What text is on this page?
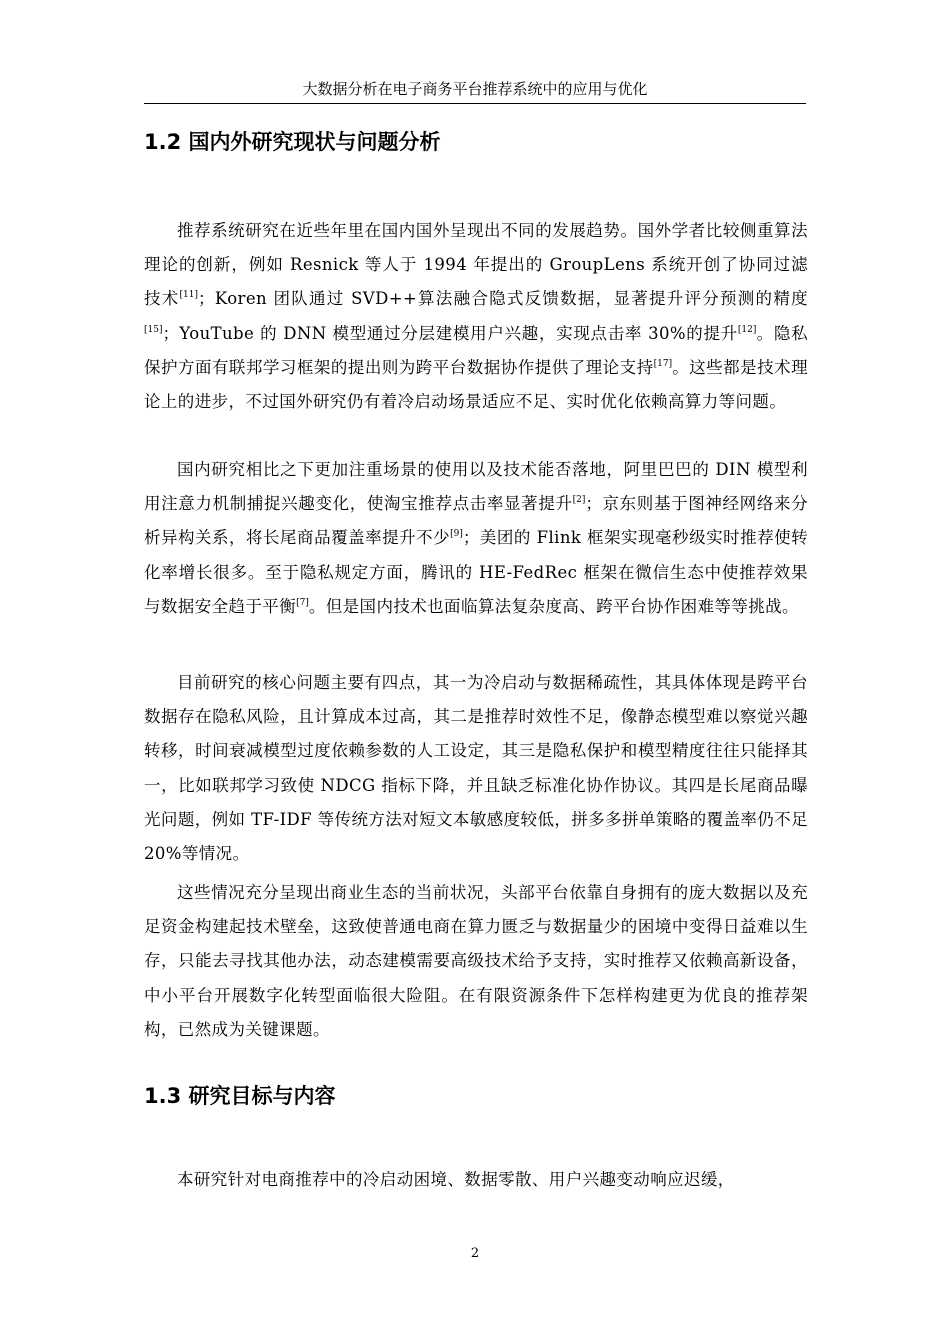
大数据分析在电子商务平台推荐系统中的应用与优化
1.2 国内外研究现状与问题分析

推荐系统研究在近些年里在国内国外呈现出不同的发展趋势。国外学者比较侧重算法理论的创新，例如 Resnick 等人于 1994 年提出的 GroupLens 系统开创了协同过滤技术[11]；Koren 团队通过 SVD++算法融合隐式反馈数据，显著提升评分预测的精度[15]；YouTube 的 DNN 模型通过分层建模用户兴趣，实现点击率 30%的提升[12]。隐私保护方面有联邦学习框架的提出则为跨平台数据协作提供了理论支持[17]。这些都是技术理论上的进步，不过国外研究仍有着冷启动场景适应不足、实时优化依赖高算力等问题。

国内研究相比之下更加注重场景的使用以及技术能否落地，阿里巴巴的 DIN 模型利用注意力机制捕捉兴趣变化，使淘宝推荐点击率显著提升[2]；京东则基于图神经网络来分析异构关系，将长尾商品覆盖率提升不少[9]；美团的 Flink 框架实现毫秒级实时推荐使转化率增长很多。至于隐私规定方面，腾讯的 HE-FedRec 框架在微信生态中使推荐效果与数据安全趋于平衡[7]。但是国内技术也面临算法复杂度高、跨平台协作困难等等挑战。

目前研究的核心问题主要有四点，其一为冷启动与数据稀疏性，其具体体现是跨平台数据存在隐私风险，且计算成本过高，其二是推荐时效性不足，像静态模型难以察觉兴趣转移，时间衰减模型过度依赖参数的人工设定，其三是隐私保护和模型精度往往只能择其一，比如联邦学习致使 NDCG 指标下降，并且缺乏标准化协作协议。其四是长尾商品曝光问题，例如 TF-IDF 等传统方法对短文本敏感度较低，拼多多拼单策略的覆盖率仍不足 20%等情况。

这些情况充分呈现出商业生态的当前状况，头部平台依靠自身拥有的庞大数据以及充足资金构建起技术壁垒，这致使普通电商在算力匮乏与数据量少的困境中变得日益难以生存，只能去寻找其他办法，动态建模需要高级技术给予支持，实时推荐又依赖高新设备，中小平台开展数字化转型面临很大险阻。在有限资源条件下怎样构建更为优良的推荐架构，已然成为关键课题。

1.3 研究目标与内容

本研究针对电商推荐中的冷启动困境、数据零散、用户兴趣变动响应迟缓，

2
